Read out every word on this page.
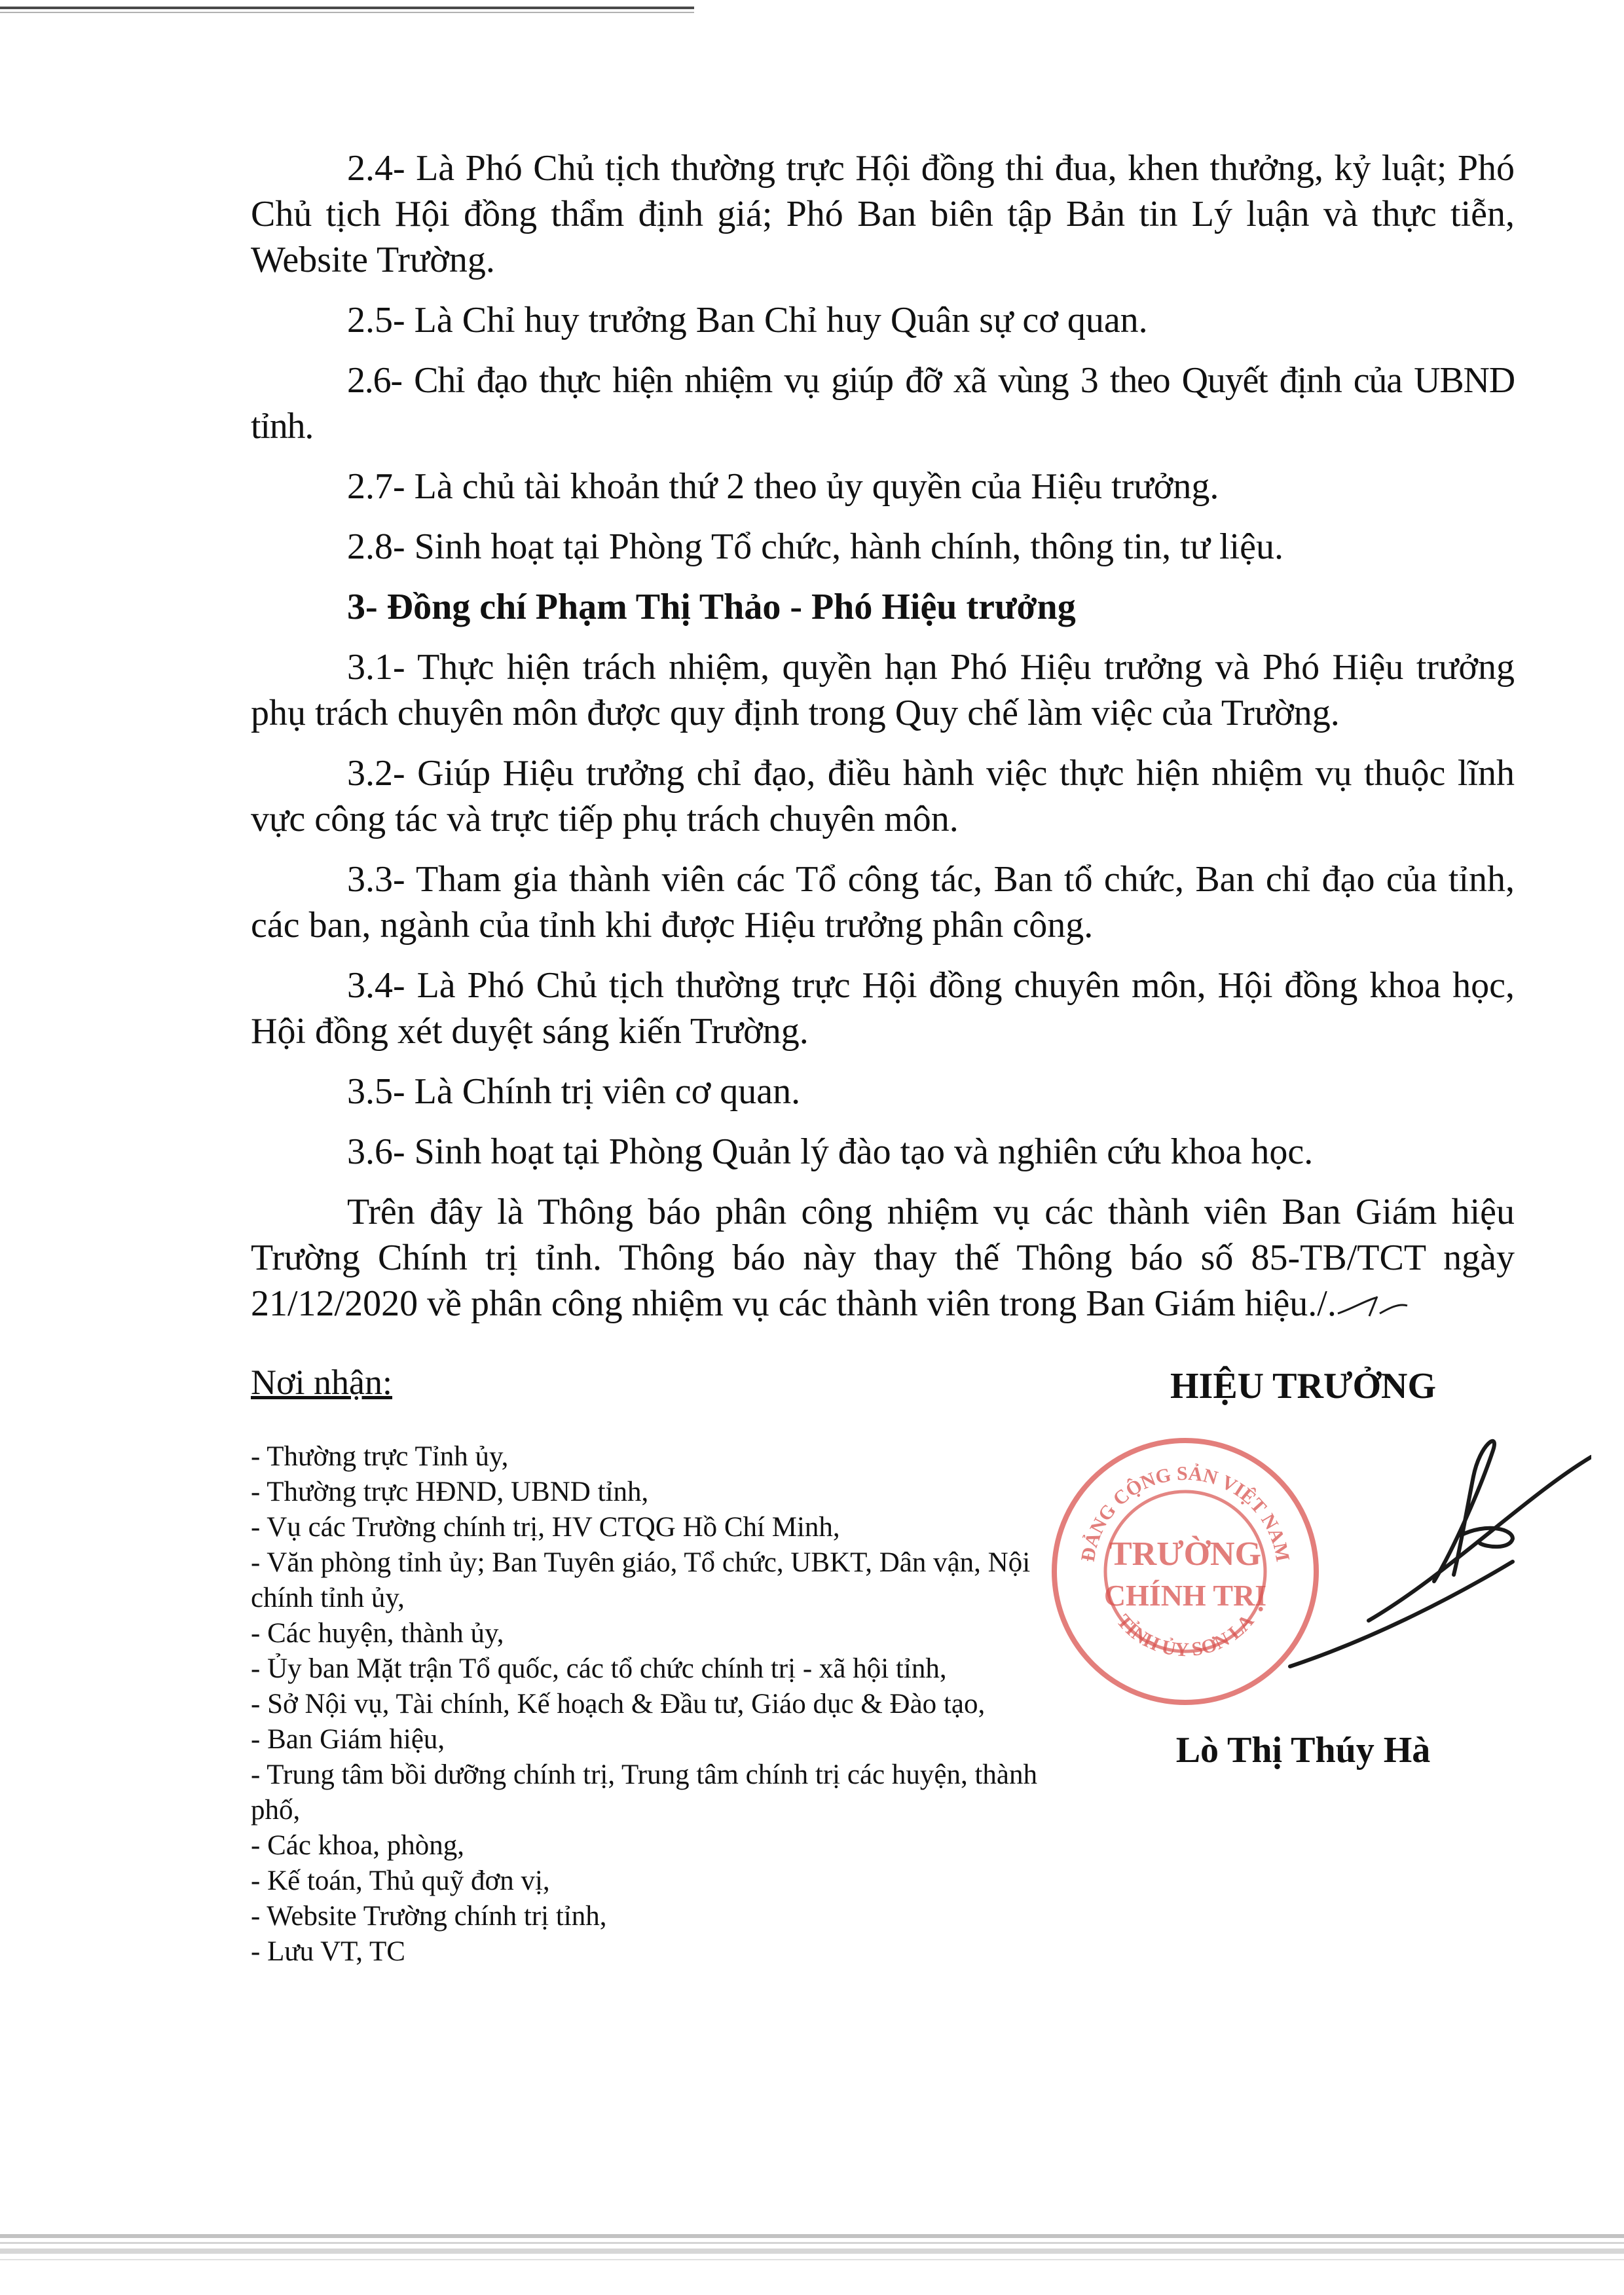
2.4- Là Phó Chủ tịch thường trực Hội đồng thi đua, khen thưởng, kỷ luật; Phó Chủ tịch Hội đồng thẩm định giá; Phó Ban biên tập Bản tin Lý luận và thực tiễn, Website Trường.

2.5- Là Chỉ huy trưởng Ban Chỉ huy Quân sự cơ quan.

2.6- Chỉ đạo thực hiện nhiệm vụ giúp đỡ xã vùng 3 theo Quyết định của UBND tỉnh.

2.7- Là chủ tài khoản thứ 2 theo ủy quyền của Hiệu trưởng.

2.8- Sinh hoạt tại Phòng Tổ chức, hành chính, thông tin, tư liệu.

3- Đồng chí Phạm Thị Thảo - Phó Hiệu trưởng

3.1- Thực hiện trách nhiệm, quyền hạn Phó Hiệu trưởng và Phó Hiệu trưởng phụ trách chuyên môn được quy định trong Quy chế làm việc của Trường.

3.2- Giúp Hiệu trưởng chỉ đạo, điều hành việc thực hiện nhiệm vụ thuộc lĩnh vực công tác và trực tiếp phụ trách chuyên môn.

3.3- Tham gia thành viên các Tổ công tác, Ban tổ chức, Ban chỉ đạo của tỉnh, các ban, ngành của tỉnh khi được Hiệu trưởng phân công.

3.4- Là Phó Chủ tịch thường trực Hội đồng chuyên môn, Hội đồng khoa học, Hội đồng xét duyệt sáng kiến Trường.

3.5- Là Chính trị viên cơ quan.

3.6- Sinh hoạt tại Phòng Quản lý đào tạo và nghiên cứu khoa học.

Trên đây là Thông báo phân công nhiệm vụ các thành viên Ban Giám hiệu Trường Chính trị tỉnh. Thông báo này thay thế Thông báo số 85-TB/TCT ngày 21/12/2020 về phân công nhiệm vụ các thành viên trong Ban Giám hiệu./.

Nơi nhận:

- Thường trực Tỉnh ủy,
- Thường trực HĐND, UBND tỉnh,
- Vụ các Trường chính trị, HV CTQG Hồ Chí Minh,
- Văn phòng tỉnh ủy; Ban Tuyên giáo, Tổ chức, UBKT, Dân vận, Nội chính tỉnh ủy,
- Các huyện, thành ủy,
- Ủy ban Mặt trận Tổ quốc, các tổ chức chính trị - xã hội tỉnh,
- Sở Nội vụ, Tài chính, Kế hoạch & Đầu tư, Giáo dục & Đào tạo,
- Ban Giám hiệu,
- Trung tâm bồi dưỡng chính trị, Trung tâm chính trị các huyện, thành phố,
- Các khoa, phòng,
- Kế toán, Thủ quỹ đơn vị,
- Website Trường chính trị tỉnh,
- Lưu VT, TC

HIỆU TRƯỞNG

ĐẢNG CỘNG SẢN VIỆT NAM
TỈNH ỦY SƠN LA
TRƯỜNG
CHÍNH TRỊ

Lò Thị Thúy Hà
